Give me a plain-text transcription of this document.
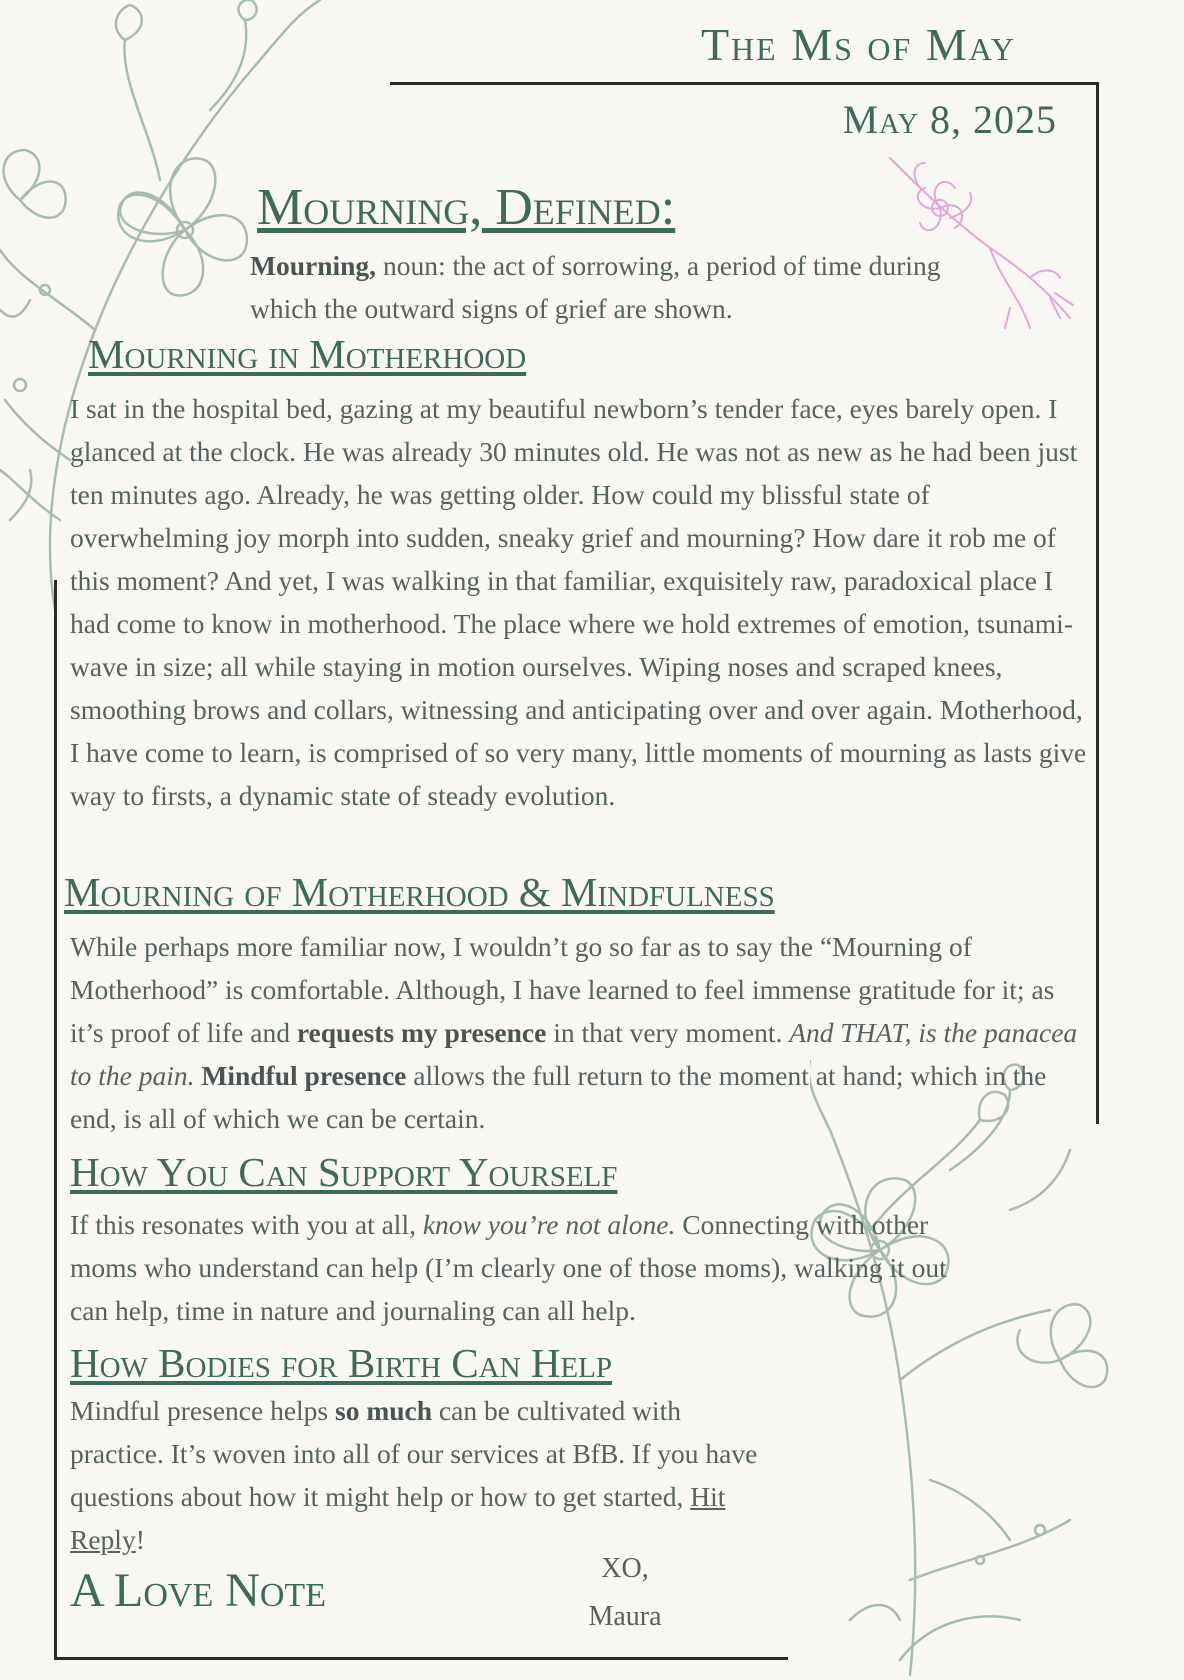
The Ms of May
May 8, 2025
Mourning, Defined:
Mourning, noun: the act of sorrowing, a period of time during which the outward signs of grief are shown.
Mourning in Motherhood
I sat in the hospital bed, gazing at my beautiful newborn’s tender face, eyes barely open. I glanced at the clock. He was already 30 minutes old. He was not as new as he had been just ten minutes ago. Already, he was getting older. How could my blissful state of overwhelming joy morph into sudden, sneaky grief and mourning? How dare it rob me of this moment? And yet, I was walking in that familiar, exquisitely raw, paradoxical place I had come to know in motherhood. The place where we hold extremes of emotion, tsunami-wave in size; all while staying in motion ourselves. Wiping noses and scraped knees, smoothing brows and collars, witnessing and anticipating over and over again. Motherhood, I have come to learn, is comprised of so very many, little moments of mourning as lasts give way to firsts, a dynamic state of steady evolution.
Mourning of Motherhood & Mindfulness
While perhaps more familiar now, I wouldn’t go so far as to say the “Mourning of Motherhood” is comfortable. Although, I have learned to feel immense gratitude for it; as it’s proof of life and requests my presence in that very moment. And THAT, is the panacea to the pain. Mindful presence allows the full return to the moment at hand; which in the end, is all of which we can be certain.
How You Can Support Yourself
If this resonates with you at all, know you’re not alone. Connecting with other moms who understand can help (I’m clearly one of those moms), walking it out can help, time in nature and journaling can all help.
How Bodies for Birth Can Help
Mindful presence helps so much can be cultivated with practice. It’s woven into all of our services at BfB. If you have questions about how it might help or how to get started, Hit Reply!
A Love Note	XO,
Maura
